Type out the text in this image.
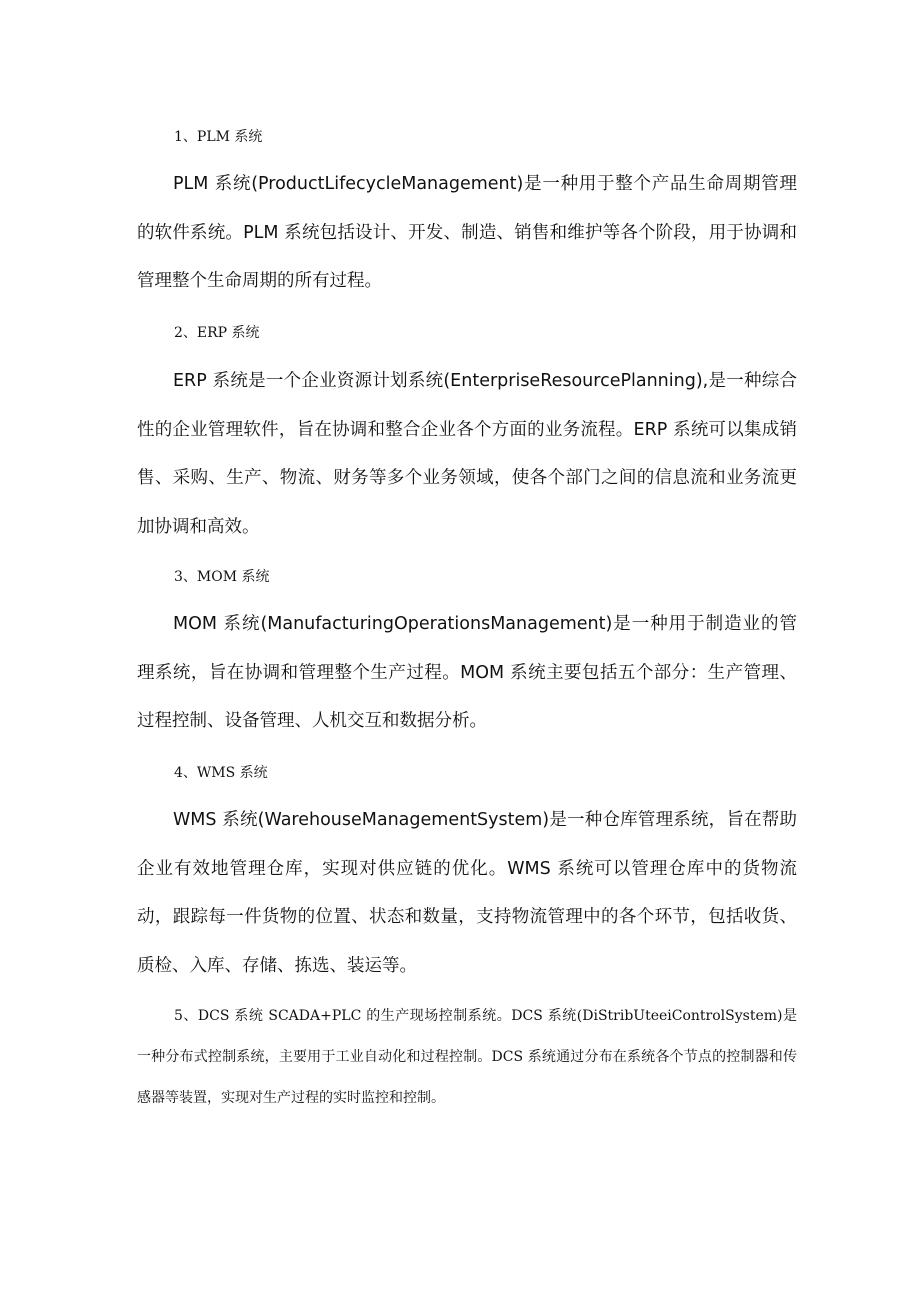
1、PLM 系统

PLM 系统(ProductLifecycleManagement)是一种用于整个产品生命周期管理的软件系统。PLM 系统包括设计、开发、制造、销售和维护等各个阶段，用于协调和管理整个生命周期的所有过程。

2、ERP 系统

ERP 系统是一个企业资源计划系统(EnterpriseResourcePlanning),是一种综合性的企业管理软件，旨在协调和整合企业各个方面的业务流程。ERP 系统可以集成销售、采购、生产、物流、财务等多个业务领域，使各个部门之间的信息流和业务流更加协调和高效。

3、MOM 系统

MOM 系统(ManufacturingOperationsManagement)是一种用于制造业的管理系统，旨在协调和管理整个生产过程。MOM 系统主要包括五个部分：生产管理、过程控制、设备管理、人机交互和数据分析。

4、WMS 系统

WMS 系统(WarehouseManagementSystem)是一种仓库管理系统，旨在帮助企业有效地管理仓库，实现对供应链的优化。WMS 系统可以管理仓库中的货物流动，跟踪每一件货物的位置、状态和数量，支持物流管理中的各个环节，包括收货、质检、入库、存储、拣选、装运等。

5、DCS 系统 SCADA+PLC 的生产现场控制系统。DCS 系统(DiStribUteeiControlSystem)是一种分布式控制系统，主要用于工业自动化和过程控制。DCS 系统通过分布在系统各个节点的控制器和传感器等装置，实现对生产过程的实时监控和控制。
